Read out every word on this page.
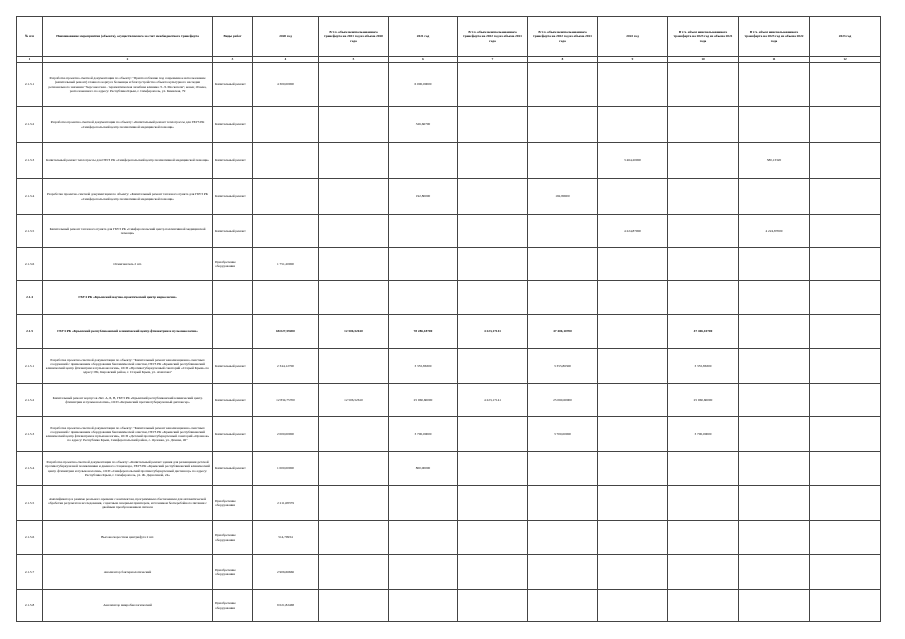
№ п/п	Наименование мероприятия (объекта), осуществляемого за счет межбюджетного трансферта	Виды работ	2020 год	В т.ч. объем неиспользованного трансферта на 2021 год из объема 2020 года	2021 год	В т.ч. объем неиспользованного трансферта на 2022 год из объема 2021 года	В т.ч. объем неиспользованного трансферта на 2022 год из объема 2021 года	2022 год	В т.ч. объем неиспользованного трансферта на 2023 год из объема 2021 года	В т.ч. объем неиспользованного трансферта на 2023 год из объема 2022 года	2023 год
1	2	3	4	5	6	7	8	9	10	11	12
2.1.3.1	Разработка проектно-сметной документации по объекту: "Приспособление под современное использование (капитальный ремонт) главного корпуса больницы и благоустройство объекта культурного наследия регионального значения "Херсонесская - терапевтическая лечебная клиника Э. Л. Москателя", конец 19 века, расположенного по адресу: Республика Крым, г. Симферополь, ул. Киевская, 79	Капитальный ремонт	4 300,00000		6 000,00000						
2.1.3.2	Разработка проектно-сметной документации по объекту: «Капитальный ремонт теплотрассы для ГБУЗ РК «Симферопольский центр паллиативной медицинской помощи»	Капитальный ремонт			326,66700						
2.1.3.3	Капитальный ремонт теплотрассы для ГБУЗ РК «Симферопольский центр паллиативной медицинской помощи»	Капитальный ремонт						3 464,20000		580,13320	
2.1.3.4	Разработка проектно-сметной документации по объекту: «Капитальный ремонт теплового пункта для ГБУЗ РК «Симферопольский центр паллиативной медицинской помощи»	Капитальный ремонт			192,80000		192,80000				
2.1.3.5	Капитальный ремонт теплового пункта для ГБУЗ РК «Симферопольский центр паллиативной медицинской помощи»	Капитальный ремонт						4 224,87000		4 224,87000	
2.1.3.6	Отжигаватель 2 шт.	Приобретение оборудования	1 751,20000								
2.1.4	ГБУЗ РК «Крымский научно-практический центр наркологии»										

2.1.5	ГБУЗ РК «Крымский республиканский клинический центр фтизиатрии и пульмонологии»		68 027,59200	12 506,52610	78 286,18700	4 223,17141	47 406,10700		47 406,10700		
2.1.5.1	Разработка проектно-сметной документации по объекту: "Капитальный ремонт канализационно-очистных сооружений с применением оборудования биохимической очистки, ГБУЗ РК «Крымский республиканский клинический центр фтизиатрии и пульмонологии», ОСП «Противотуберкулезный санаторий «Старый Крым» по адресу: РК, Кировский район, г. Старый Крым, ул. Ахматова"	Капитальный ремонт	2 344,12700		3 355,86300		3 355,86300		3 355,86300		
2.1.5.2	Капитальный ремонт корпусов Лит. А, Б, В, ГБУЗ РК «Крымский республиканский клинический центр фтизиатрии и пульмонологии», ОСП «Керченский противотуберкулезный диспансер»	Капитальный ремонт	12 834,75700	12 506,52610	25 060,60000	4 223,17141	25 060,60000		25 060,60000		
2.1.5.3	Разработка проектно-сметной документации по объекту: "Капитальный ремонт канализационно-очистных сооружений с применением оборудования биохимической очистки, ГБУЗ РК «Крымский республиканский клинический центр фтизиатрии и пульмонологии», ОСП «Детский противотуберкулезный санаторий «Орленок» по адресу: Республика Крым, Симферопольский район, с. Орловка, ул. Дачная, 1Б"	Капитальный ремонт	2 000,00000		3 700,00000		3 700,00000		3 700,00000		
2.1.5.4	Разработка проектно-сметной документации по объекту: «Капитальный ремонт здания для размещения детской противотуберкулезной поликлиники и дневного стационара, ГБУЗ РК «Крымский республиканский клинический центр фтизиатрии и пульмонологии», ОСП «Симферопольский противотуберкулезный диспансер» по адресу: Республика Крым, г. Симферополь, ул. Ж. Дерюгиной, 24»	Капитальный ремонт	1 000,00000		800,00000						
2.1.5.5	Амплификатор в режиме реального времени с комплектом, программным обеспечением для автоматической обработки результатов исследования, с цветным лазерным принтером, источником бесперебойного питания с двойным преобразованием сигнала	Приобретение оборудования	2 211,68379								
2.1.5.6	Высокоскоростная центрифуга 2 шт.	Приобретение оборудования	514,79934								
2.1.5.7	Анализатор бактериологический	Приобретение оборудования	2 906,66666								
2.1.5.8	Анализатор микробиологический	Приобретение оборудования	9 021,82468								
